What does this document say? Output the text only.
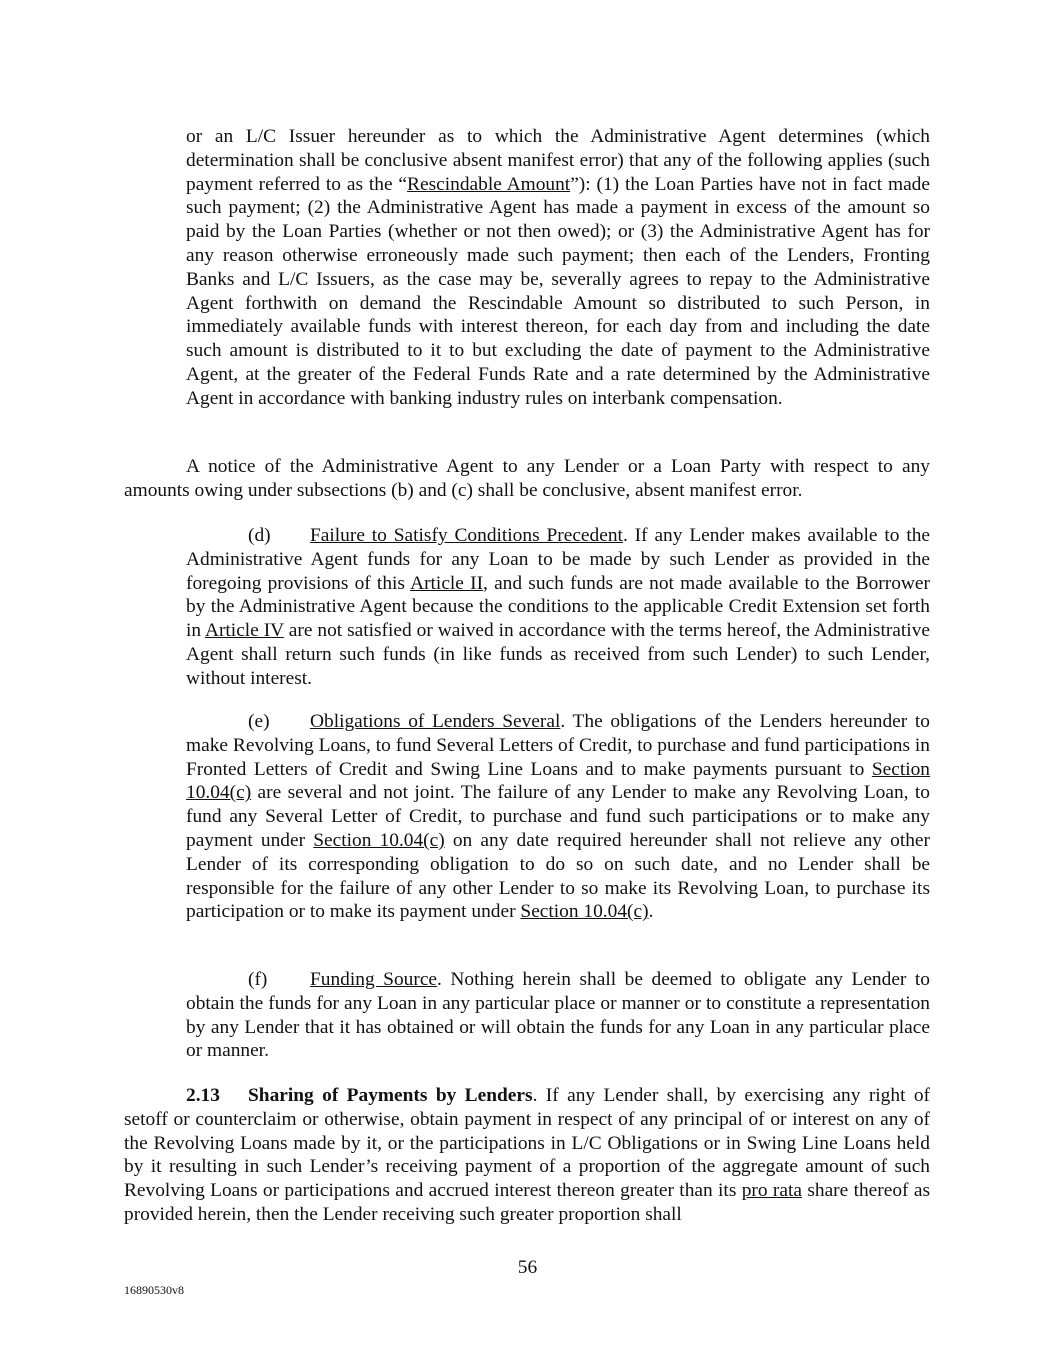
or an L/C Issuer hereunder as to which the Administrative Agent determines (which determination shall be conclusive absent manifest error) that any of the following applies (such payment referred to as the “Rescindable Amount”): (1) the Loan Parties have not in fact made such payment; (2) the Administrative Agent has made a payment in excess of the amount so paid by the Loan Parties (whether or not then owed); or (3) the Administrative Agent has for any reason otherwise erroneously made such payment; then each of the Lenders, Fronting Banks and L/C Issuers, as the case may be, severally agrees to repay to the Administrative Agent forthwith on demand the Rescindable Amount so distributed to such Person, in immediately available funds with interest thereon, for each day from and including the date such amount is distributed to it to but excluding the date of payment to the Administrative Agent, at the greater of the Federal Funds Rate and a rate determined by the Administrative Agent in accordance with banking industry rules on interbank compensation.

A notice of the Administrative Agent to any Lender or a Loan Party with respect to any amounts owing under subsections (b) and (c) shall be conclusive, absent manifest error.

(d) Failure to Satisfy Conditions Precedent. If any Lender makes available to the Administrative Agent funds for any Loan to be made by such Lender as provided in the foregoing provisions of this Article II, and such funds are not made available to the Borrower by the Administrative Agent because the conditions to the applicable Credit Extension set forth in Article IV are not satisfied or waived in accordance with the terms hereof, the Administrative Agent shall return such funds (in like funds as received from such Lender) to such Lender, without interest.

(e) Obligations of Lenders Several. The obligations of the Lenders hereunder to make Revolving Loans, to fund Several Letters of Credit, to purchase and fund participations in Fronted Letters of Credit and Swing Line Loans and to make payments pursuant to Section 10.04(c) are several and not joint. The failure of any Lender to make any Revolving Loan, to fund any Several Letter of Credit, to purchase and fund such participations or to make any payment under Section 10.04(c) on any date required hereunder shall not relieve any other Lender of its corresponding obligation to do so on such date, and no Lender shall be responsible for the failure of any other Lender to so make its Revolving Loan, to purchase its participation or to make its payment under Section 10.04(c).

(f) Funding Source. Nothing herein shall be deemed to obligate any Lender to obtain the funds for any Loan in any particular place or manner or to constitute a representation by any Lender that it has obtained or will obtain the funds for any Loan in any particular place or manner.

2.13 Sharing of Payments by Lenders. If any Lender shall, by exercising any right of setoff or counterclaim or otherwise, obtain payment in respect of any principal of or interest on any of the Revolving Loans made by it, or the participations in L/C Obligations or in Swing Line Loans held by it resulting in such Lender’s receiving payment of a proportion of the aggregate amount of such Revolving Loans or participations and accrued interest thereon greater than its pro rata share thereof as provided herein, then the Lender receiving such greater proportion shall

56
16890530v8
